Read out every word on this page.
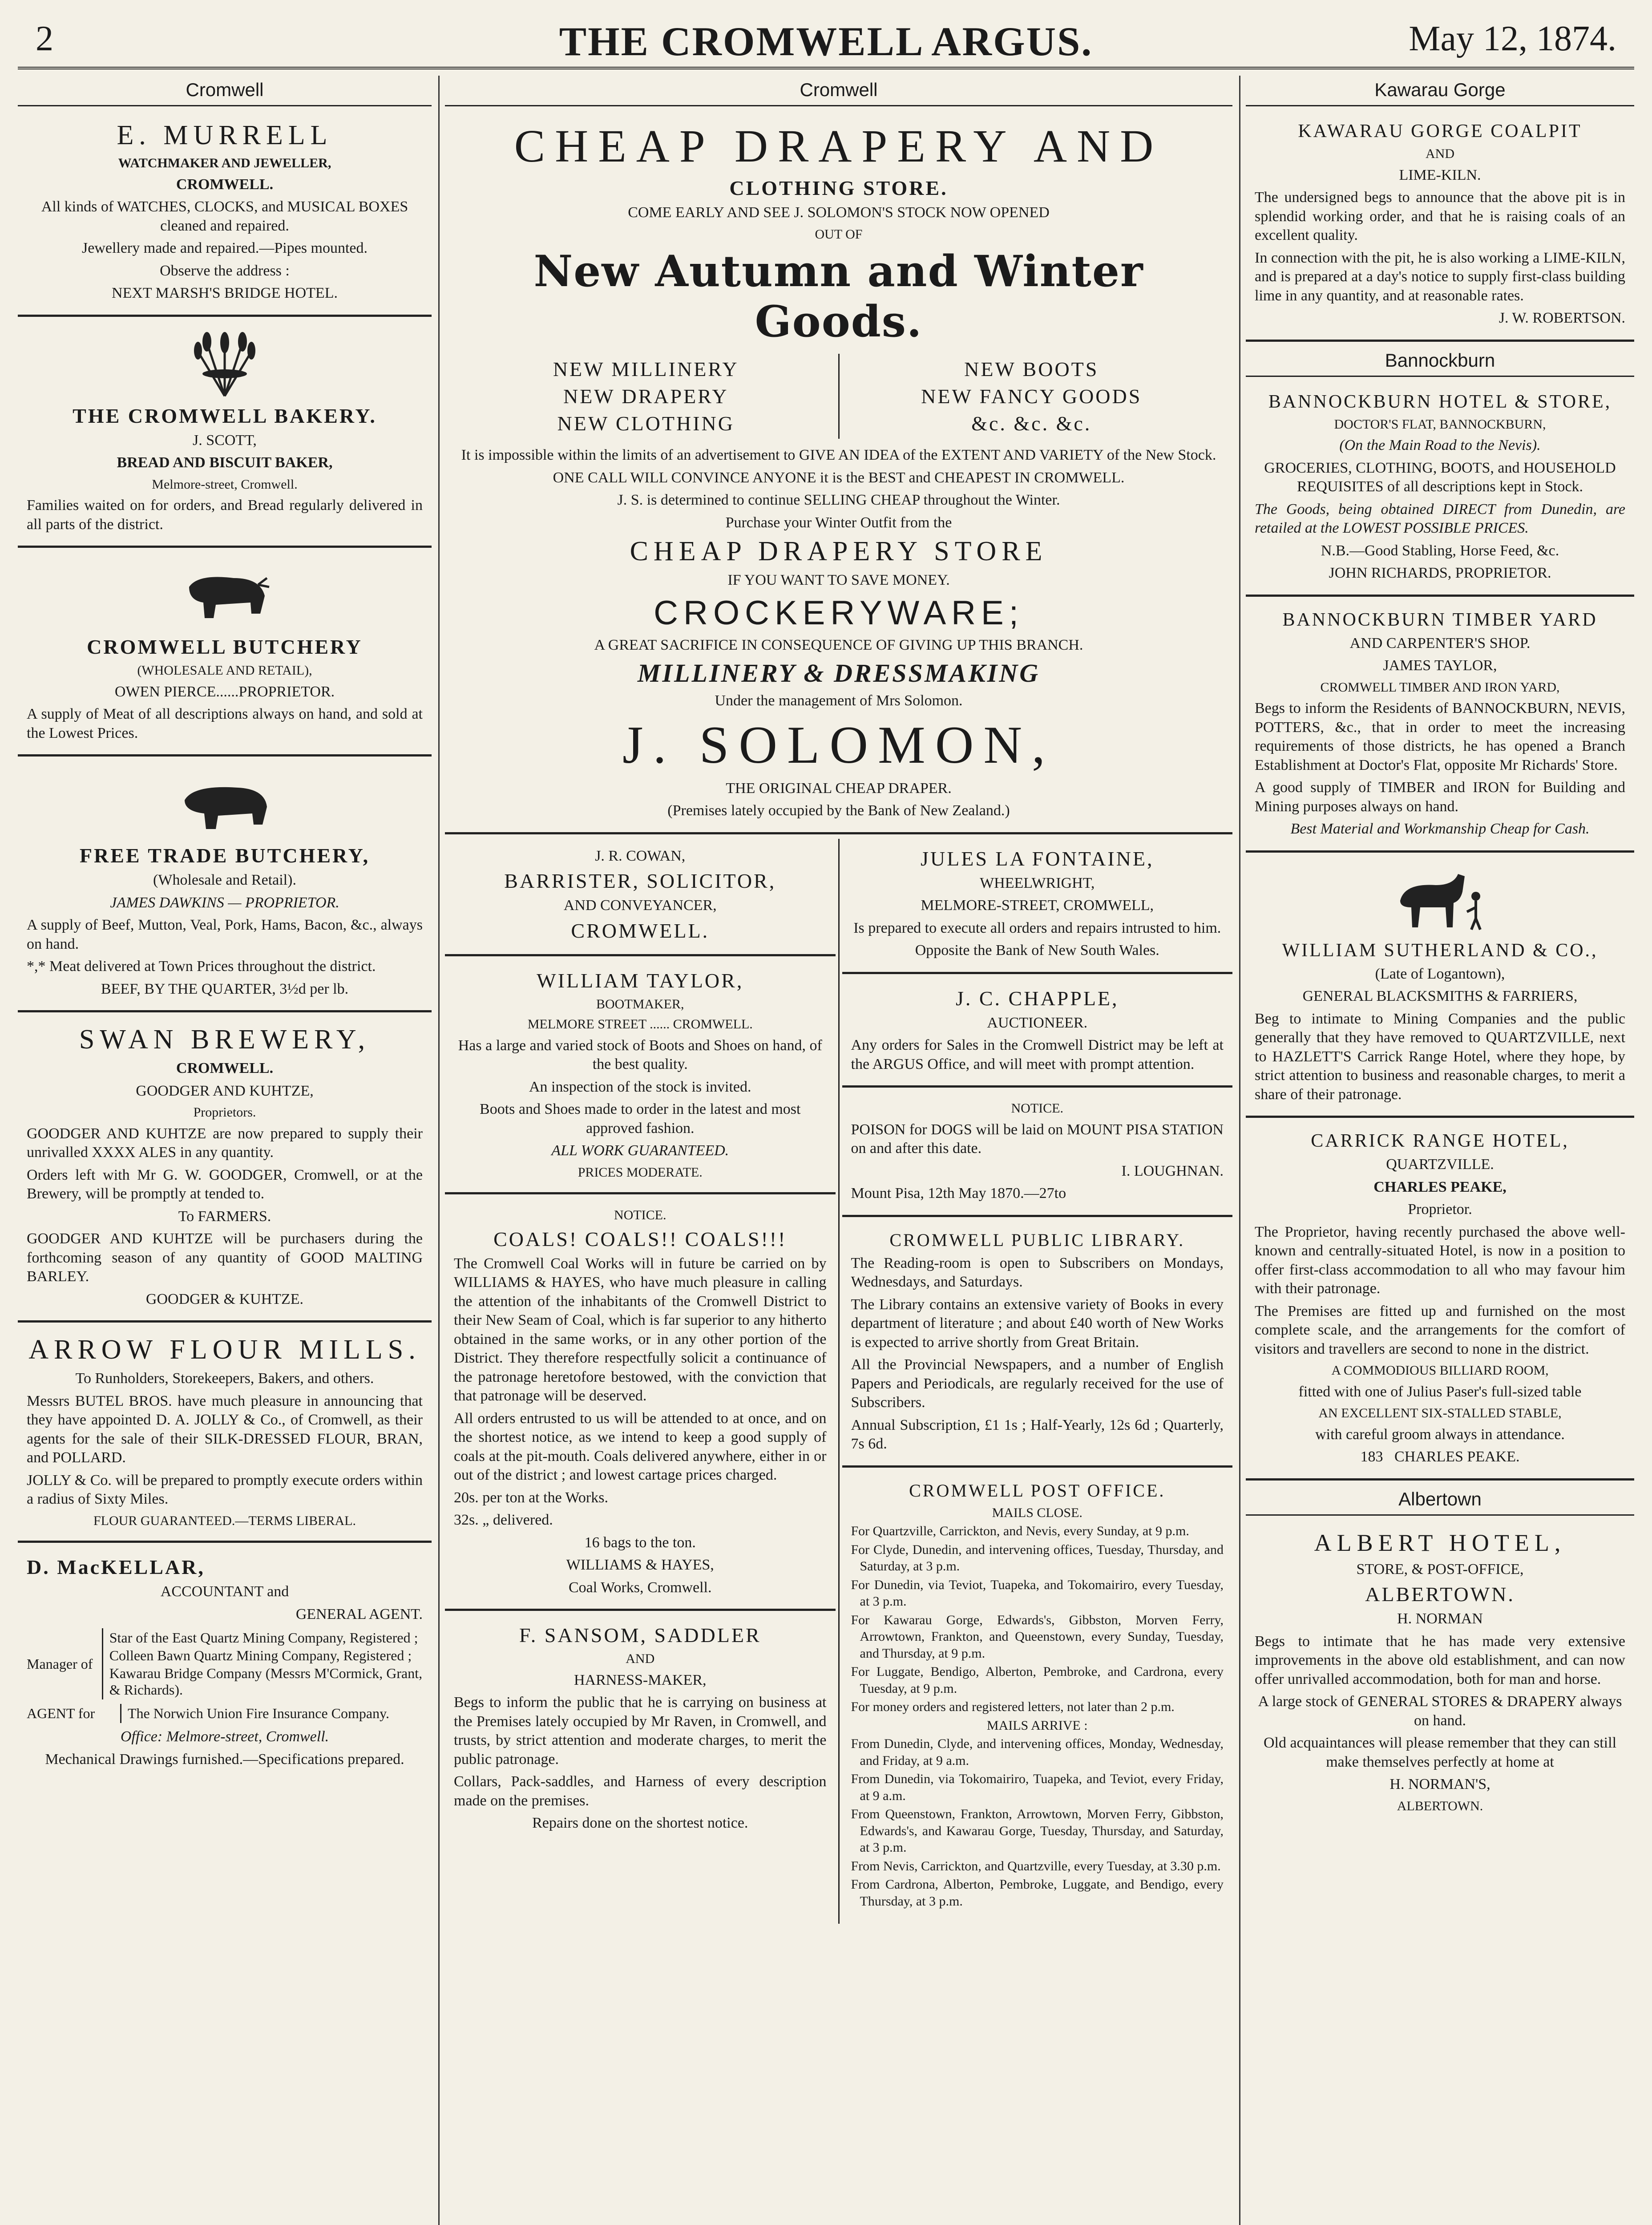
2	THE CROMWELL ARGUS.	May 12, 1874.
Cromwell
E. MURRELL

WATCHMAKER AND JEWELLER,

CROMWELL.

All kinds of WATCHES, CLOCKS, and MUSICAL BOXES cleaned and repaired.

Jewellery made and repaired.—Pipes mounted.

Observe the address :

NEXT MARSH'S BRIDGE HOTEL.

THE CROMWELL BAKERY.

J. SCOTT,

BREAD AND BISCUIT BAKER,

Melmore-street, Cromwell.

Families waited on for orders, and Bread regularly delivered in all parts of the district.

CROMWELL BUTCHERY

(WHOLESALE AND RETAIL),

OWEN PIERCE......PROPRIETOR.

A supply of Meat of all descriptions always on hand, and sold at the Lowest Prices.

FREE TRADE BUTCHERY,

(Wholesale and Retail).

JAMES DAWKINS — PROPRIETOR.

A supply of Beef, Mutton, Veal, Pork, Hams, Bacon, &c., always on hand.

*,* Meat delivered at Town Prices throughout the district.

BEEF, BY THE QUARTER, 3½d per lb.

SWAN BREWERY,

CROMWELL.

GOODGER AND KUHTZE,

Proprietors.

GOODGER AND KUHTZE are now prepared to supply their unrivalled XXXX ALES in any quantity.

Orders left with Mr G. W. GOODGER, Cromwell, or at the Brewery, will be promptly at tended to.

To FARMERS.

GOODGER AND KUHTZE will be purchasers during the forthcoming season of any quantity of GOOD MALTING BARLEY.

GOODGER & KUHTZE.

ARROW FLOUR MILLS.

To Runholders, Storekeepers, Bakers, and others.

Messrs BUTEL BROS. have much pleasure in announcing that they have appointed D. A. JOLLY & Co., of Cromwell, as their agents for the sale of their SILK-DRESSED FLOUR, BRAN, and POLLARD.

JOLLY & Co. will be prepared to promptly execute orders within a radius of Sixty Miles.

FLOUR GUARANTEED.—TERMS LIBERAL.

D. MacKELLAR,

ACCOUNTANT and

GENERAL AGENT.

Manager of
Star of the East Quartz Mining Company, Registered ;
Colleen Bawn Quartz Mining Company, Registered ;
Kawarau Bridge Company (Messrs M'Cormick, Grant, & Richards).
AGENT for	The Norwich Union Fire Insurance Company.

Office: Melmore-street, Cromwell.

Mechanical Drawings furnished.—Specifications prepared.

Cromwell
CHEAP DRAPERY AND
CLOTHING STORE.

COME EARLY AND SEE J. SOLOMON'S STOCK NOW OPENED

OUT OF

New Autumn and Winter Goods.
NEW MILLINERY
NEW DRAPERY
NEW CLOTHING
NEW BOOTS
NEW FANCY GOODS
&c. &c. &c.

It is impossible within the limits of an advertisement to GIVE AN IDEA of the EXTENT AND VARIETY of the New Stock.

ONE CALL WILL CONVINCE ANYONE it is the BEST and CHEAPEST IN CROMWELL.

J. S. is determined to continue SELLING CHEAP throughout the Winter.

Purchase your Winter Outfit from the

CHEAP DRAPERY STORE

IF YOU WANT TO SAVE MONEY.

CROCKERYWARE;

A GREAT SACRIFICE IN CONSEQUENCE OF GIVING UP THIS BRANCH.

MILLINERY & DRESSMAKING

Under the management of Mrs Solomon.

J. SOLOMON,

THE ORIGINAL CHEAP DRAPER.

(Premises lately occupied by the Bank of New Zealand.)

J. R. COWAN,

BARRISTER, SOLICITOR,

AND CONVEYANCER,

CROMWELL.
WILLIAM TAYLOR,

BOOTMAKER,

MELMORE STREET ...... CROMWELL.

Has a large and varied stock of Boots and Shoes on hand, of the best quality.

An inspection of the stock is invited.

Boots and Shoes made to order in the latest and most approved fashion.

ALL WORK GUARANTEED.

PRICES MODERATE.

NOTICE.

COALS! COALS!! COALS!!!

The Cromwell Coal Works will in future be carried on by WILLIAMS & HAYES, who have much pleasure in calling the attention of the inhabitants of the Cromwell District to their New Seam of Coal, which is far superior to any hitherto obtained in the same works, or in any other portion of the District. They therefore respectfully solicit a continuance of the patronage heretofore bestowed, with the conviction that that patronage will be deserved.

All orders entrusted to us will be attended to at once, and on the shortest notice, as we intend to keep a good supply of coals at the pit-mouth. Coals delivered anywhere, either in or out of the district ; and lowest cartage prices charged.

20s. per ton at the Works.

32s. „ delivered.

16 bags to the ton.

WILLIAMS & HAYES,

Coal Works, Cromwell.

F. SANSOM, SADDLER

AND

HARNESS-MAKER,

Begs to inform the public that he is carrying on business at the Premises lately occupied by Mr Raven, in Cromwell, and trusts, by strict attention and moderate charges, to merit the public patronage.

Collars, Pack-saddles, and Harness of every description made on the premises.

Repairs done on the shortest notice.

JULES LA FONTAINE,

WHEELWRIGHT,

MELMORE-STREET, CROMWELL,

Is prepared to execute all orders and repairs intrusted to him.

Opposite the Bank of New South Wales.

J. C. CHAPPLE,

AUCTIONEER.

Any orders for Sales in the Cromwell District may be left at the ARGUS Office, and will meet with prompt attention.

NOTICE.

POISON for DOGS will be laid on MOUNT PISA STATION on and after this date.

I. LOUGHNAN.

Mount Pisa, 12th May 1870.—27to

CROMWELL PUBLIC LIBRARY.

The Reading-room is open to Subscribers on Mondays, Wednesdays, and Saturdays.

The Library contains an extensive variety of Books in every department of literature ; and about £40 worth of New Works is expected to arrive shortly from Great Britain.

All the Provincial Newspapers, and a number of English Papers and Periodicals, are regularly received for the use of Subscribers.

Annual Subscription, £1 1s ; Half-Yearly, 12s 6d ; Quarterly, 7s 6d.

CROMWELL POST OFFICE.

MAILS CLOSE.

For Quartzville, Carrickton, and Nevis, every Sunday, at 9 p.m.

For Clyde, Dunedin, and intervening offices, Tuesday, Thursday, and Saturday, at 3 p.m.

For Dunedin, via Teviot, Tuapeka, and Tokomairiro, every Tuesday, at 3 p.m.

For Kawarau Gorge, Edwards's, Gibbston, Morven Ferry, Arrowtown, Frankton, and Queenstown, every Sunday, Tuesday, and Thursday, at 9 p.m.

For Luggate, Bendigo, Alberton, Pembroke, and Cardrona, every Tuesday, at 9 p.m.

For money orders and registered letters, not later than 2 p.m.

MAILS ARRIVE :

From Dunedin, Clyde, and intervening offices, Monday, Wednesday, and Friday, at 9 a.m.

From Dunedin, via Tokomairiro, Tuapeka, and Teviot, every Friday, at 9 a.m.

From Queenstown, Frankton, Arrowtown, Morven Ferry, Gibbston, Edwards's, and Kawarau Gorge, Tuesday, Thursday, and Saturday, at 3 p.m.

From Nevis, Carrickton, and Quartzville, every Tuesday, at 3.30 p.m.

From Cardrona, Alberton, Pembroke, Luggate, and Bendigo, every Thursday, at 3 p.m.

Kawarau Gorge
KAWARAU GORGE COALPIT

AND

LIME-KILN.

The undersigned begs to announce that the above pit is in splendid working order, and that he is raising coals of an excellent quality.

In connection with the pit, he is also working a LIME-KILN, and is prepared at a day's notice to supply first-class building lime in any quantity, and at reasonable rates.

J. W. ROBERTSON.

Bannockburn
BANNOCKBURN HOTEL & STORE,

DOCTOR'S FLAT, BANNOCKBURN,

(On the Main Road to the Nevis).

GROCERIES, CLOTHING, BOOTS, and HOUSEHOLD REQUISITES of all descriptions kept in Stock.

The Goods, being obtained DIRECT from Dunedin, are retailed at the LOWEST POSSIBLE PRICES.

N.B.—Good Stabling, Horse Feed, &c.

JOHN RICHARDS, PROPRIETOR.

BANNOCKBURN TIMBER YARD

AND CARPENTER'S SHOP.

JAMES TAYLOR,

CROMWELL TIMBER AND IRON YARD,

Begs to inform the Residents of BANNOCKBURN, NEVIS, POTTERS, &c., that in order to meet the increasing requirements of those districts, he has opened a Branch Establishment at Doctor's Flat, opposite Mr Richards' Store.

A good supply of TIMBER and IRON for Building and Mining purposes always on hand.

Best Material and Workmanship Cheap for Cash.

WILLIAM SUTHERLAND & CO.,

(Late of Logantown),

GENERAL BLACKSMITHS & FARRIERS,

Beg to intimate to Mining Companies and the public generally that they have removed to QUARTZVILLE, next to HAZLETT'S Carrick Range Hotel, where they hope, by strict attention to business and reasonable charges, to merit a share of their patronage.

CARRICK RANGE HOTEL,

QUARTZVILLE.

CHARLES PEAKE,

Proprietor.

The Proprietor, having recently purchased the above well-known and centrally-situated Hotel, is now in a position to offer first-class accommodation to all who may favour him with their patronage.

The Premises are fitted up and furnished on the most complete scale, and the arrangements for the comfort of visitors and travellers are second to none in the district.

A COMMODIOUS BILLIARD ROOM,

fitted with one of Julius Paser's full-sized table

AN EXCELLENT SIX-STALLED STABLE,

with careful groom always in attendance.

183 CHARLES PEAKE.

Albertown
ALBERT HOTEL,

STORE, & POST-OFFICE,

ALBERTOWN.

H. NORMAN

Begs to intimate that he has made very extensive improvements in the above old establishment, and can now offer unrivalled accommodation, both for man and horse.

A large stock of GENERAL STORES & DRAPERY always on hand.

Old acquaintances will please remember that they can still make themselves perfectly at home at

H. NORMAN'S,

ALBERTOWN.
